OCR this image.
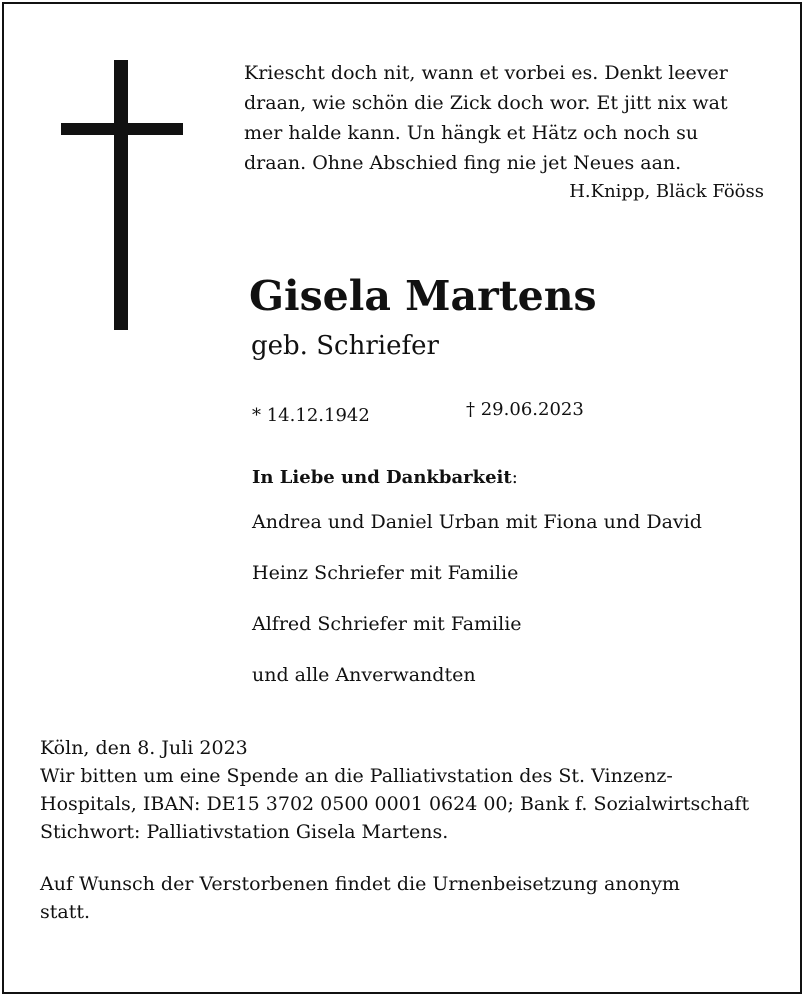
Kriescht doch nit, wann et vorbei es. Denkt leever
draan, wie schön die Zick doch wor. Et jitt nix wat
mer halde kann. Un hängk et Hätz och noch su
draan. Ohne Abschied fing nie jet Neues aan.
H.Knipp, Bläck Fööss
Gisela Martens
geb. Schriefer
* 14.12.1942	† 29.06.2023
In Liebe und Dankbarkeit:
Andrea und Daniel Urban mit Fiona und David
Heinz Schriefer mit Familie
Alfred Schriefer mit Familie
und alle Anverwandten
Köln, den 8. Juli 2023
Wir bitten um eine Spende an die Palliativstation des St. Vinzenz-
Hospitals, IBAN: DE15 3702 0500 0001 0624 00; Bank f. Sozialwirtschaft
Stichwort: Palliativstation Gisela Martens.
Auf Wunsch der Verstorbenen findet die Urnenbeisetzung anonym
statt.
